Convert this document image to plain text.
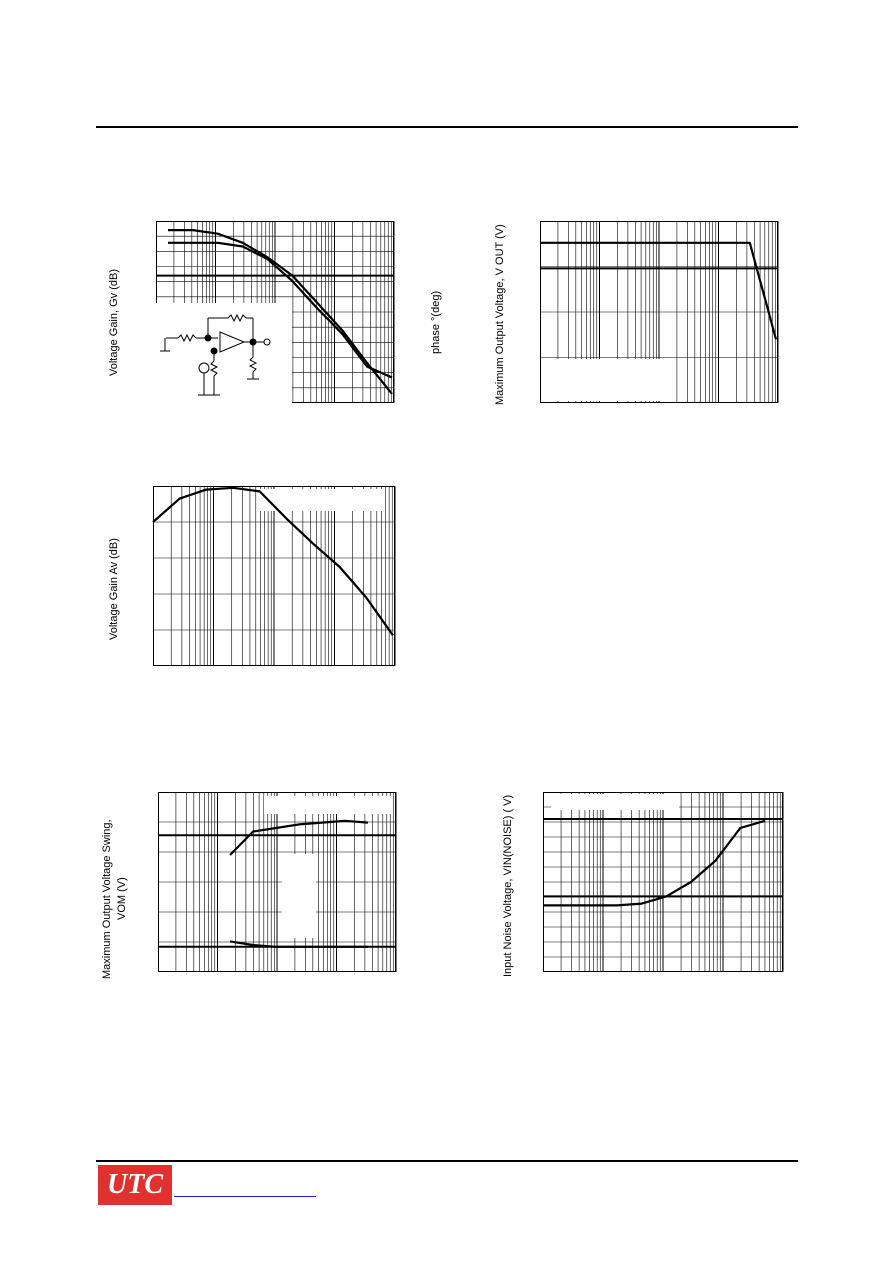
Voltage Gain, Gv (dB)	phase °(deg)	Maximum Output Voltage, V OUT (V)
Voltage Gain Av (dB)
Maximum Output Voltage Swing, VOM (V)	Input Noise Voltage, VIN(NOISE) ( V)
UTC
